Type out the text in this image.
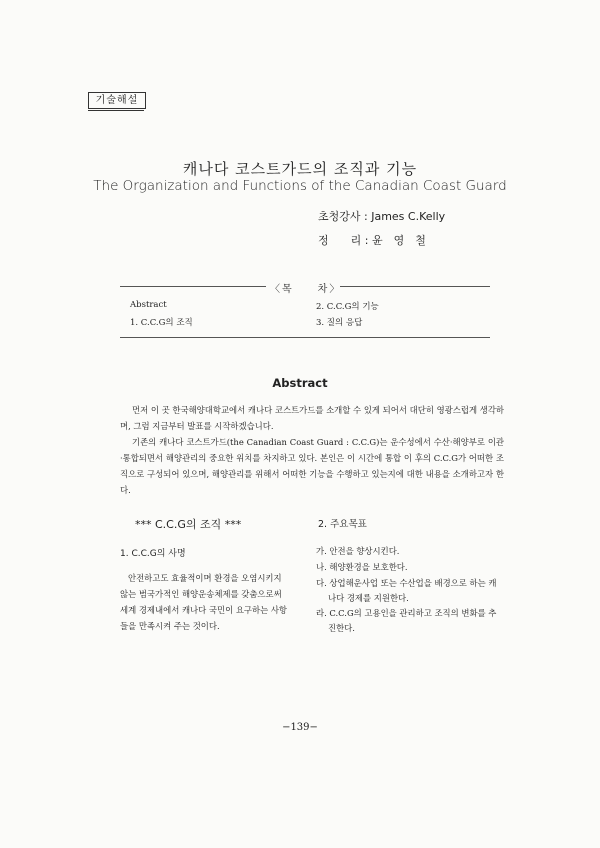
기술해설
캐나다 코스트가드의 조직과 기능
The Organization and Functions of the Canadian Coast Guard
초청강사 : James C.Kelly
정　　리 : 윤　영　철
〈목　　차〉
Abstract
1. C.C.G의 조직
2. C.C.G의 기능
3. 질의 응답
Abstract
먼저 이 곳 한국해양대학교에서 캐나다 코스트가드를 소개할 수 있게 되어서 대단히 영광스럽게 생각하며, 그럼 지금부터 발표를 시작하겠습니다.
기존의 캐나다 코스트가드(the Canadian Coast Guard : C.C.G)는 운수성에서 수산·해양부로 이관·통합되면서 해양관리의 중요한 위치를 차지하고 있다. 본인은 이 시간에 통합 이 후의 C.C.G가 어떠한 조직으로 구성되어 있으며, 해양관리를 위해서 어떠한 기능을 수행하고 있는지에 대한 내용을 소개하고자 한다.
*** C.C.G의 조직 ***
1. C.C.G의 사명
안전하고도 효율적이며 환경을 오염시키지 않는 범국가적인 해양운송체제를 갖춤으로써 세계 경제내에서 캐나다 국민이 요구하는 사항들을 만족시켜 주는 것이다.
2. 주요목표
가. 안전을 향상시킨다.
나. 해양환경을 보호한다.
다. 상업해운사업 또는 수산업을 배경으로 하는 캐나다 경제를 지원한다.
라. C.C.G의 고용인을 관리하고 조직의 변화를 추진한다.
−139−
